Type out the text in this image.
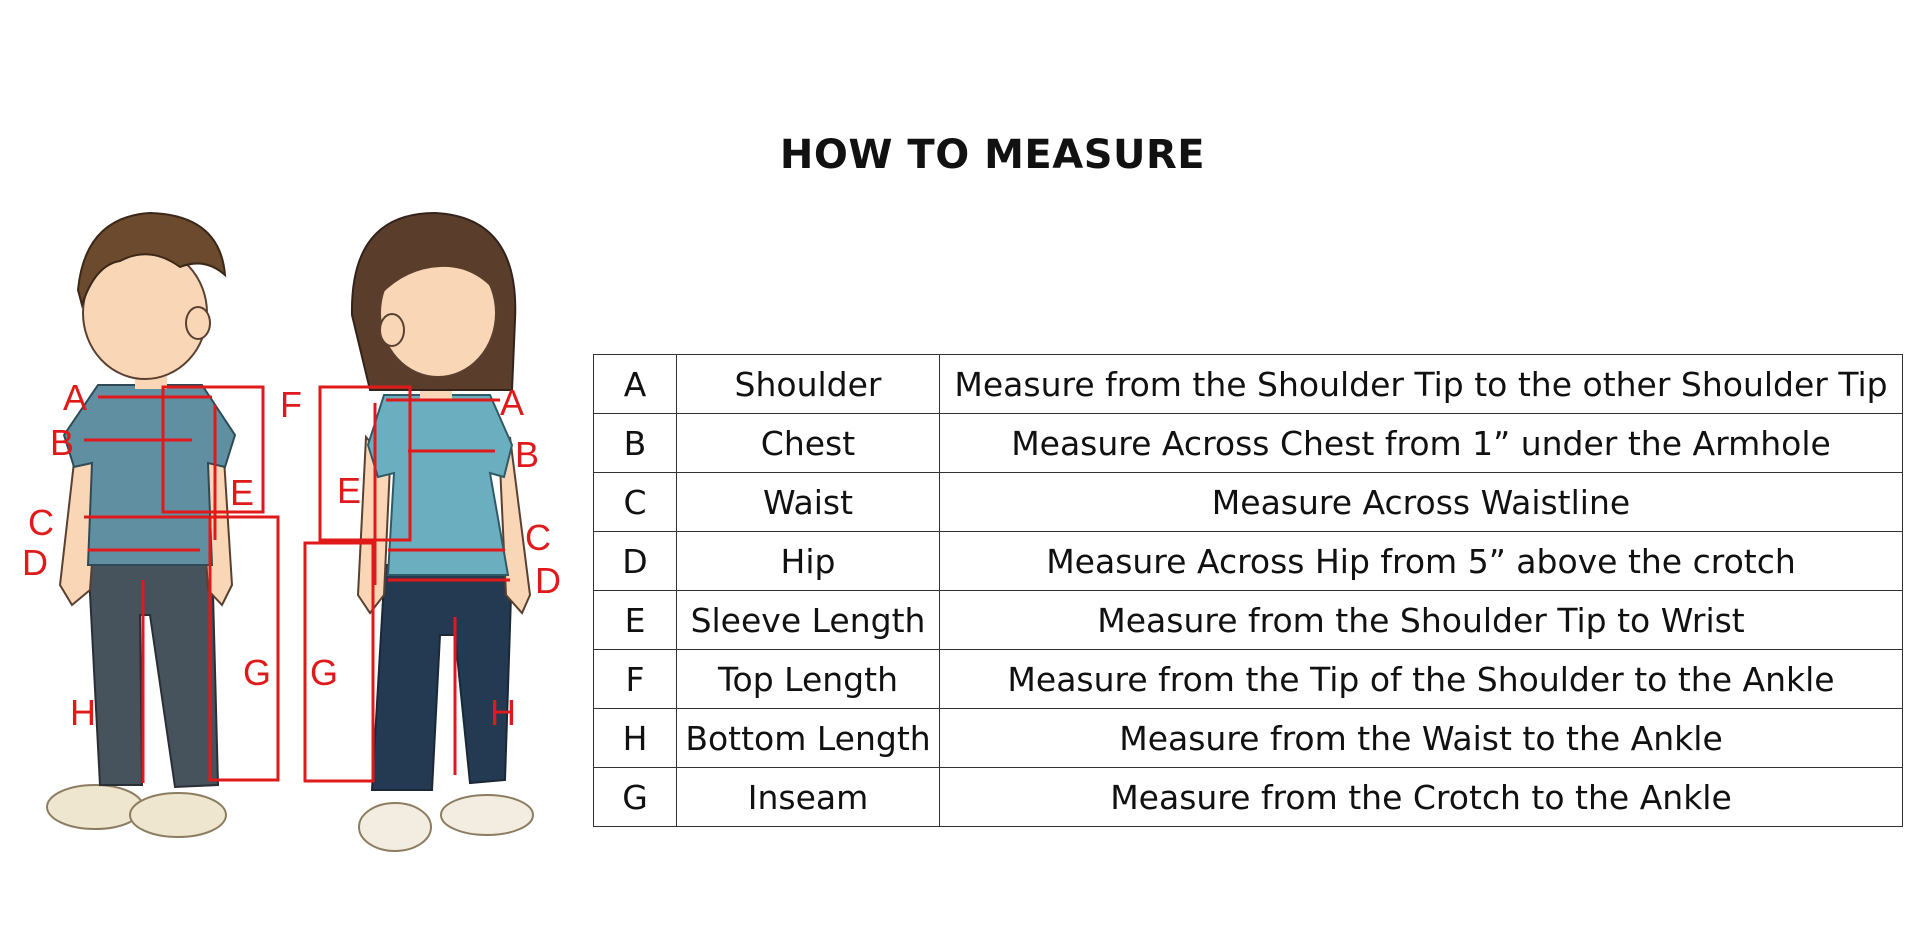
HOW TO MEASURE
A
B
C
D
E
G
H
F	A
B
E
C
D
G
H
A	Shoulder	Measure from the Shoulder Tip to the other Shoulder Tip
B	Chest	Measure Across Chest from 1” under the Armhole
C	Waist	Measure Across Waistline
D	Hip	Measure Across Hip from 5” above the crotch
E	Sleeve Length	Measure from the Shoulder Tip to Wrist
F	Top Length	Measure from the Tip of the Shoulder to the Ankle
H	Bottom Length	Measure from the Waist to the Ankle
G	Inseam	Measure from the Crotch to the Ankle
